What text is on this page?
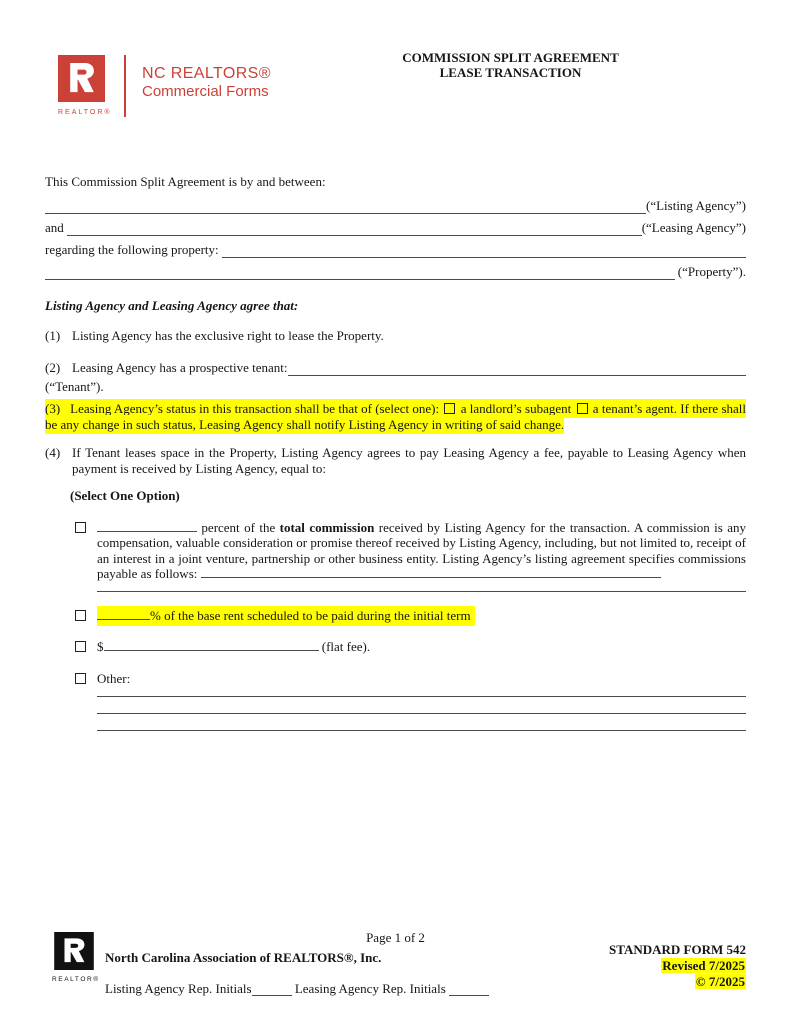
REALTOR®
NC REALTORS®
Commercial Forms
COMMISSION SPLIT AGREEMENT
LEASE TRANSACTION

This Commission Split Agreement is by and between:

(“Listing Agency”)
and	(“Leasing Agency”)
regarding the following property:
(“Property”).

Listing Agency and Leasing Agency agree that:

(1) Listing Agency has the exclusive right to lease the Property.

(2) Leasing Agency has a prospective tenant:

(“Tenant”).

(3) Leasing Agency’s status in this transaction shall be that of (select one): a landlord’s subagent a tenant’s agent. If there shall be any change in such status, Leasing Agency shall notify Listing Agency in writing of said change.

(4) If Tenant leases space in the Property, Listing Agency agrees to pay Leasing Agency a fee, payable to Leasing Agency when payment is received by Listing Agency, equal to:

(Select One Option)

percent of the total commission received by Listing Agency for the transaction. A commission is any compensation, valuable consideration or promise thereof received by Listing Agency, including, but not limited to, receipt of an interest in a joint venture, partnership or other business entity. Listing Agency’s listing agreement specifies commissions payable as follows:
% of the base rent scheduled to be paid during the initial term
$	(flat fee).
Other:
Page 1 of 2
REALTOR®
North Carolina Association of REALTORS®, Inc.
Listing Agency Rep. Initials	Leasing Agency Rep. Initials
STANDARD FORM 542
Revised 7/2025
© 7/2025
